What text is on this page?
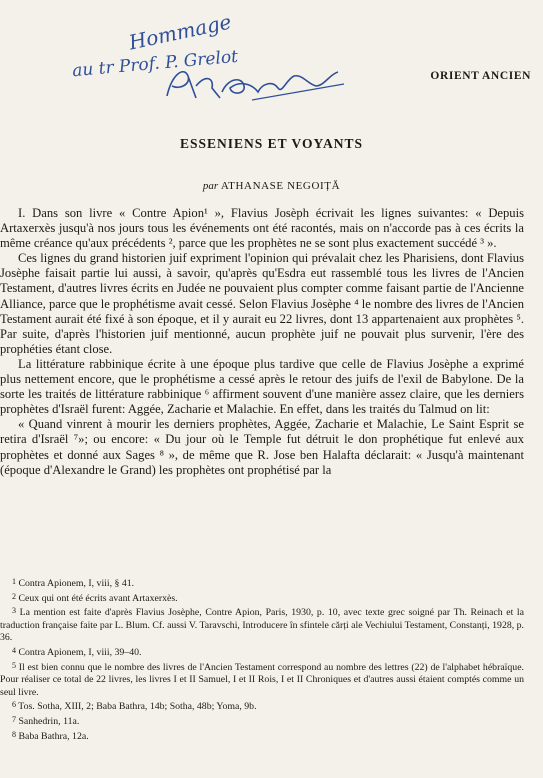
Hommage
au tr Prof. P. Grelot	ORIENT ANCIEN
ESSENIENS ET VOYANTS
par ATHANASE NEGOIȚĂ

I. Dans son livre « Contre Apion¹ », Flavius Josèph écrivait les lignes suivantes: « Depuis Artaxerxès jusqu'à nos jours tous les événements ont été racontés, mais on n'accorde pas à ces écrits la même créance qu'aux précédents ², parce que les prophètes ne se sont plus exactement succédé ³ ».

Ces lignes du grand historien juif expriment l'opinion qui prévalait chez les Pharisiens, dont Flavius Josèphe faisait partie lui aussi, à savoir, qu'après qu'Esdra eut rassemblé tous les livres de l'Ancien Testament, d'autres livres écrits en Judée ne pouvaient plus compter comme faisant partie de l'Ancienne Alliance, parce que le prophétisme avait cessé. Selon Flavius Josèphe ⁴ le nombre des livres de l'Ancien Testament aurait été fixé à son époque, et il y aurait eu 22 livres, dont 13 appartenaient aux prophètes ⁵. Par suite, d'après l'historien juif mentionné, aucun prophète juif ne pouvait plus survenir, l'ère des prophéties étant close.

La littérature rabbinique écrite à une époque plus tardive que celle de Flavius Josèphe a exprimé plus nettement encore, que le prophétisme a cessé après le retour des juifs de l'exil de Babylone. De la sorte les traités de littérature rabbinique ⁶ affirment souvent d'une manière assez claire, que les derniers prophètes d'Israël furent: Aggée, Zacharie et Malachie. En effet, dans les traités du Talmud on lit:

« Quand vinrent à mourir les derniers prophètes, Aggée, Zacharie et Malachie, Le Saint Esprit se retira d'Israël ⁷»; ou encore: « Du jour où le Temple fut détruit le don prophétique fut enlevé aux prophètes et donné aux Sages ⁸ », de même que R. Jose ben Halafta déclarait: « Jusqu'à maintenant (époque d'Alexandre le Grand) les prophètes ont prophétisé par la

$^1$ Contra Apionem, I, viii, § 41.

$^2$ Ceux qui ont été écrits avant Artaxerxès.

$^3$ La mention est faite d'après Flavius Josèphe, Contre Apion, Paris, 1930, p. 10, avec texte grec soigné par Th. Reinach et la traduction française faite par L. Blum. Cf. aussi V. Taravschi, Introducere în sfintele cărți ale Vechiului Testament, Constanți, 1928, p. 36.

$^4$ Contra Apionem, I, viii, 39–40.

$^5$ Il est bien connu que le nombre des livres de l'Ancien Testament correspond au nombre des lettres (22) de l'alphabet hébraïque. Pour réaliser ce total de 22 livres, les livres I et II Samuel, I et II Rois, I et II Chroniques et d'autres aussi étaient comptés comme un seul livre.

$^6$ Tos. Sotha, XIII, 2; Baba Bathra, 14b; Sotha, 48b; Yoma, 9b.

$^7$ Sanhedrin, 11a.

$^8$ Baba Bathra, 12a.
